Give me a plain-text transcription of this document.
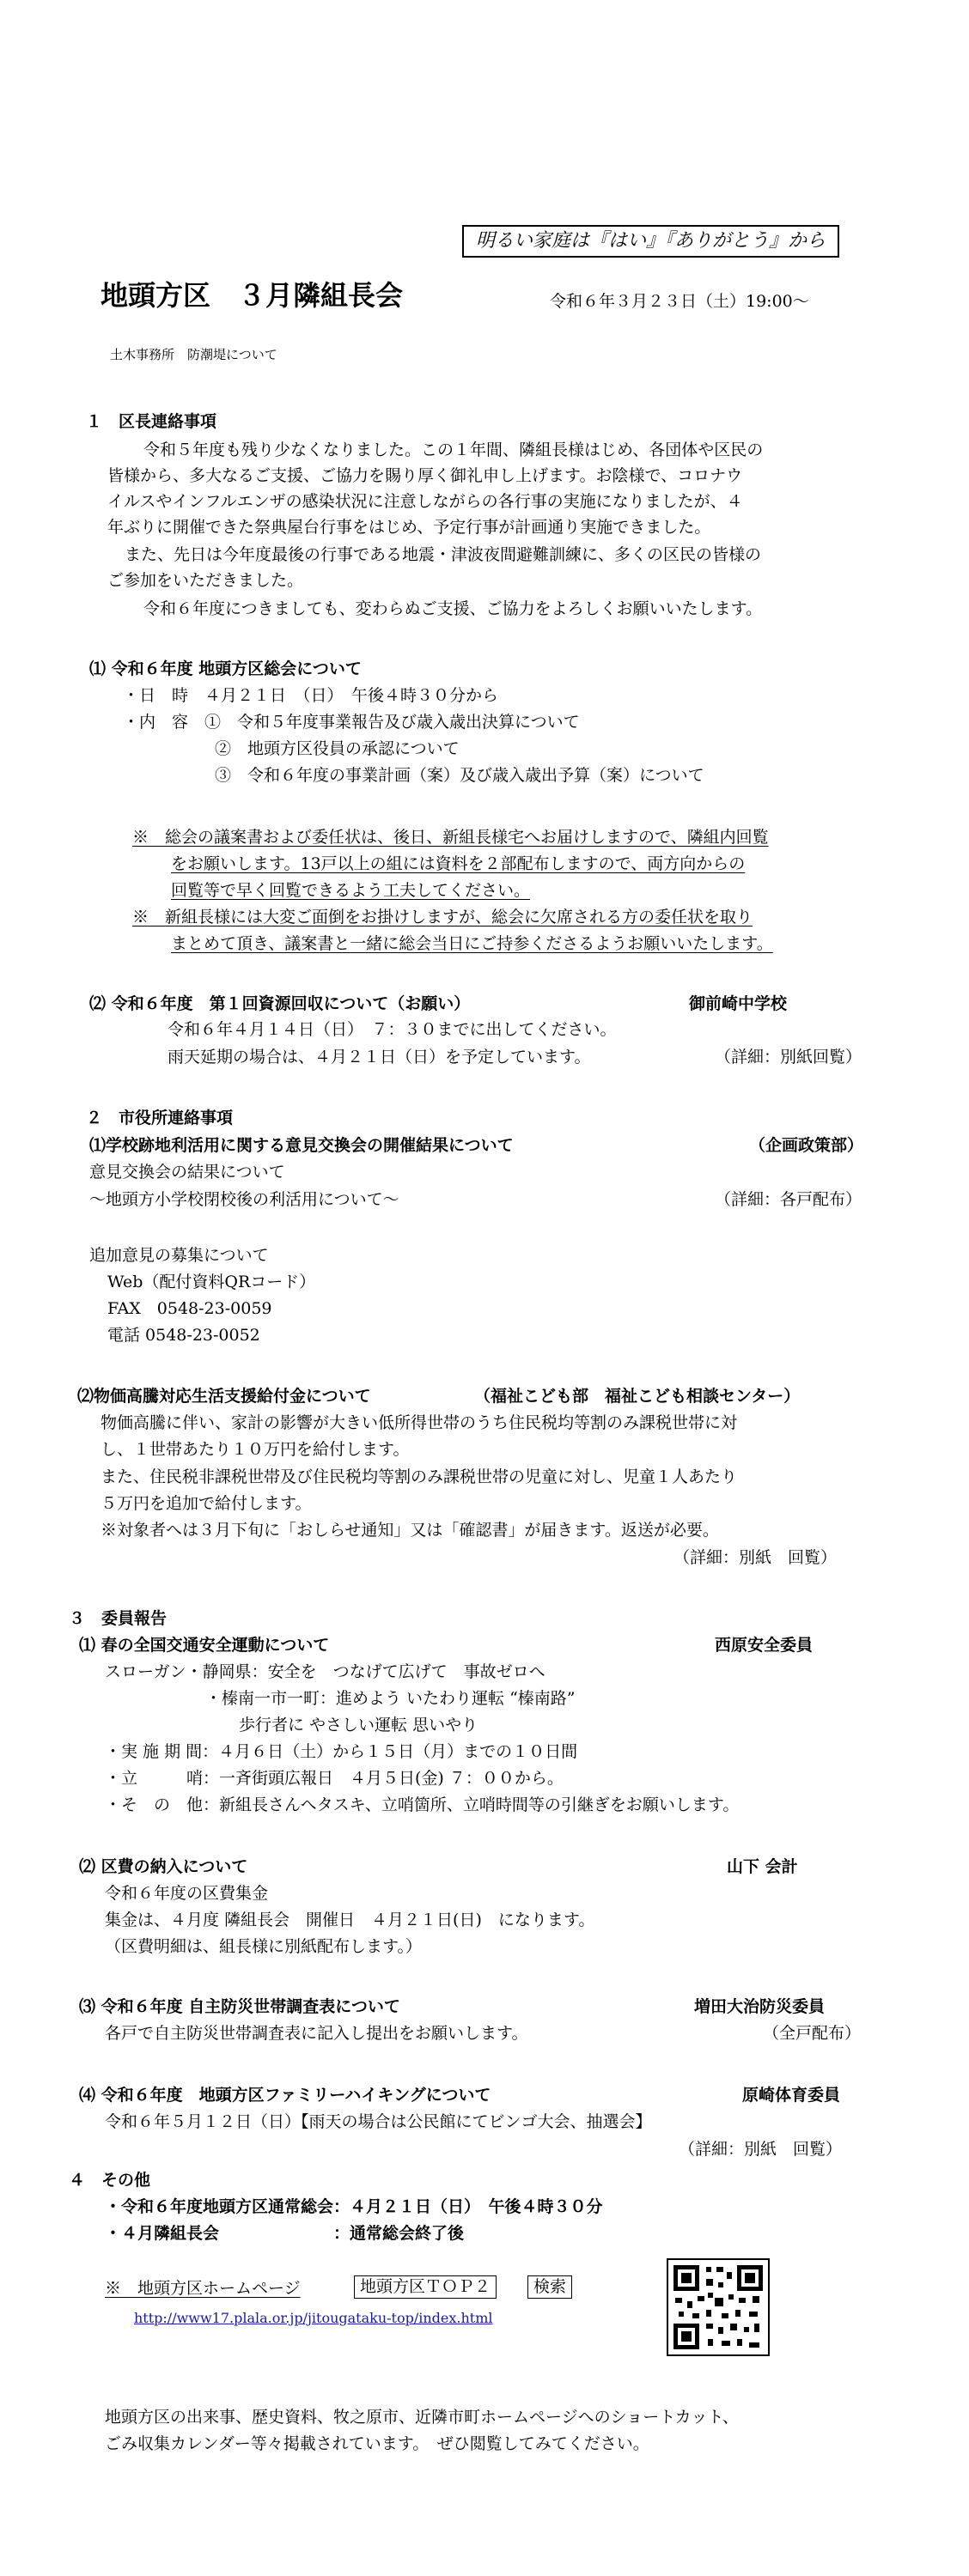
明るい家庭は『はい』『ありがとう』から
地頭方区　３月隣組長会	令和６年３月２３日（土）19:00～
土木事務所　防潮堤について
１　区長連絡事項
令和５年度も残り少なくなりました。この１年間、隣組長様はじめ、各団体や区民の
皆様から、多大なるご支援、ご協力を賜り厚く御礼申し上げます。お陰様で、コロナウ
イルスやインフルエンザの感染状況に注意しながらの各行事の実施になりましたが、４
年ぶりに開催できた祭典屋台行事をはじめ、予定行事が計画通り実施できました。
また、先日は今年度最後の行事である地震・津波夜間避難訓練に、多くの区民の皆様の
ご参加をいただきました。
令和６年度につきましても、変わらぬご支援、ご協力をよろしくお願いいたします。
⑴ 令和６年度 地頭方区総会について
・日　時　４月２１日　（日）　午後４時３０分から
・内　容　①　令和５年度事業報告及び歳入歳出決算について
②　地頭方区役員の承認について
③　令和６年度の事業計画（案）及び歳入歳出予算（案）について
※　総会の議案書および委任状は、後日、新組長様宅へお届けしますので、隣組内回覧
をお願いします。13戸以上の組には資料を２部配布しますので、両方向からの
回覧等で早く回覧できるよう工夫してください。
※　新組長様には大変ご面倒をお掛けしますが、総会に欠席される方の委任状を取り
まとめて頂き、議案書と一緒に総会当日にご持参くださるようお願いいたします。
⑵ 令和６年度　第１回資源回収について（お願い）	御前崎中学校
令和６年４月１４日（日）　７：３０までに出してください。
雨天延期の場合は、４月２１日（日）を予定しています。	（詳細：別紙回覧）
２　市役所連絡事項
⑴学校跡地利活用に関する意見交換会の開催結果について	（企画政策部）
意見交換会の結果について
～地頭方小学校閉校後の利活用について～	（詳細：各戸配布）
追加意見の募集について
Web（配付資料QRコード）
FAX　0548-23-0059
電話 0548-23-0052
⑵物価高騰対応生活支援給付金について	（福祉こども部　福祉こども相談センター）
物価高騰に伴い、家計の影響が大きい低所得世帯のうち住民税均等割のみ課税世帯に対
し、１世帯あたり１０万円を給付します。
また、住民税非課税世帯及び住民税均等割のみ課税世帯の児童に対し、児童１人あたり
５万円を追加で給付します。
※対象者へは３月下旬に「おしらせ通知」又は「確認書」が届きます。返送が必要。
（詳細：別紙　回覧）
３　委員報告
⑴ 春の全国交通安全運動について	西原安全委員
スローガン・静岡県：安全を　つなげて広げて　事故ゼロへ
・榛南一市一町：進めよう いたわり運転 “榛南路”
歩行者に やさしい運転 思いやり
・実 施 期 間：４月６日（土）から１５日（月）までの１０日間
・立　　　哨：一斉街頭広報日　４月５日(金) ７：００から。
・そ　の　他：新組長さんへタスキ、立哨箇所、立哨時間等の引継ぎをお願いします。
⑵ 区費の納入について	山下 会計
令和６年度の区費集金
集金は、４月度 隣組長会　開催日　４月２１日(日)　になります。
（区費明細は、組長様に別紙配布します。）
⑶ 令和６年度 自主防災世帯調査表について	増田大治防災委員
各戸で自主防災世帯調査表に記入し提出をお願いします。	（全戸配布）
⑷ 令和６年度　地頭方区ファミリーハイキングについて	原崎体育委員
令和６年５月１２日（日）【雨天の場合は公民館にてビンゴ大会、抽選会】
（詳細：別紙　回覧）
４　その他
・令和６年度地頭方区通常総会：４月２１日（日）　午後４時３０分
・４月隣組長会　　　　　　　：通常総会終了後
※　地頭方区ホームページ	地頭方区ＴＯＰ２	検索
http://www17.plala.or.jp/jitougataku-top/index.html
地頭方区の出来事、歴史資料、牧之原市、近隣市町ホームページへのショートカット、
ごみ収集カレンダー等々掲載されています。　ぜひ閲覧してみてください。
